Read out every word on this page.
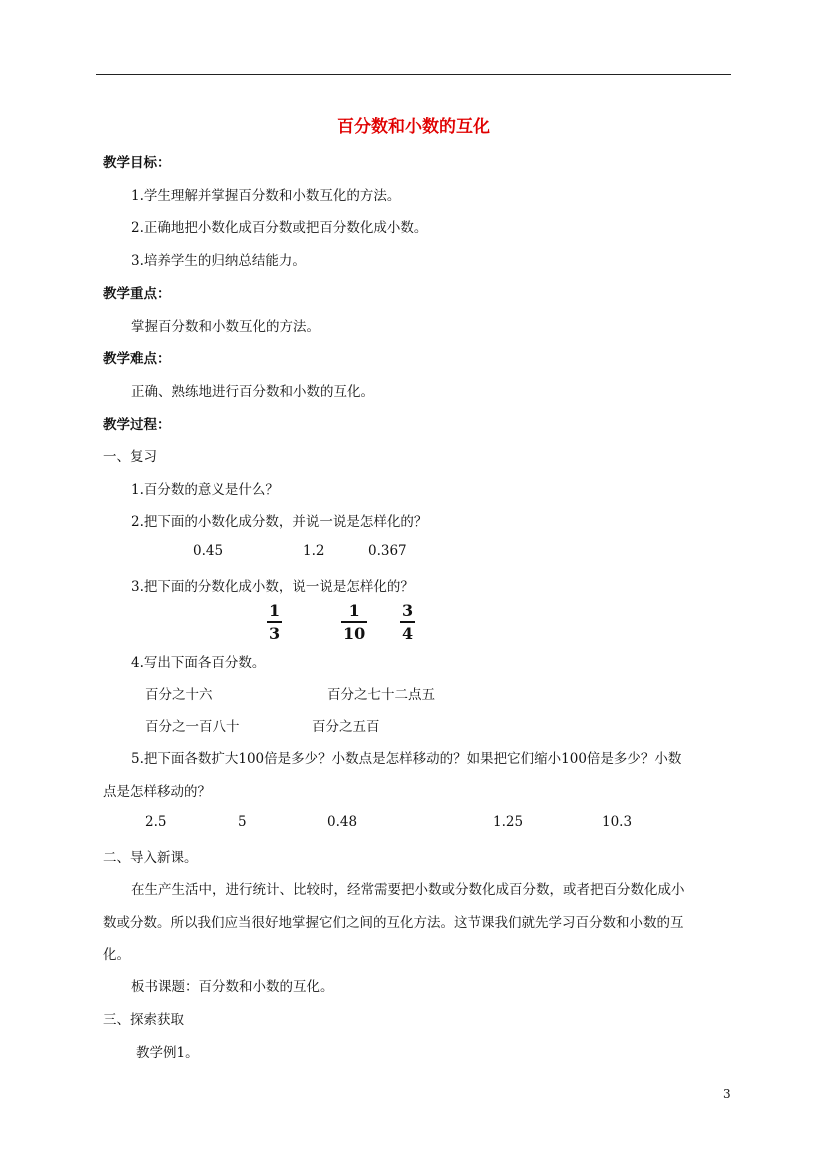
百分数和小数的互化
教学目标：
1.学生理解并掌握百分数和小数互化的方法。
2.正确地把小数化成百分数或把百分数化成小数。
3.培养学生的归纳总结能力。
教学重点：
掌握百分数和小数互化的方法。
教学难点：
正确、熟练地进行百分数和小数的互化。
教学过程：
一、复习
1.百分数的意义是什么？
2.把下面的小数化成分数，并说一说是怎样化的？
0.45	1.2	0.367
3.把下面的分数化成小数，说一说是怎样化的？
1
3
1
10
3
4
4.写出下面各百分数。
百分之十六	百分之七十二点五
百分之一百八十	百分之五百
5.把下面各数扩大100倍是多少？小数点是怎样移动的？如果把它们缩小100倍是多少？小数
点是怎样移动的？
2.5	5	0.48	1.25	10.3
二、导入新课。
在生产生活中，进行统计、比较时，经常需要把小数或分数化成百分数，或者把百分数化成小
数或分数。所以我们应当很好地掌握它们之间的互化方法。这节课我们就先学习百分数和小数的互
化。
板书课题：百分数和小数的互化。
三、探索获取
教学例1。
3
